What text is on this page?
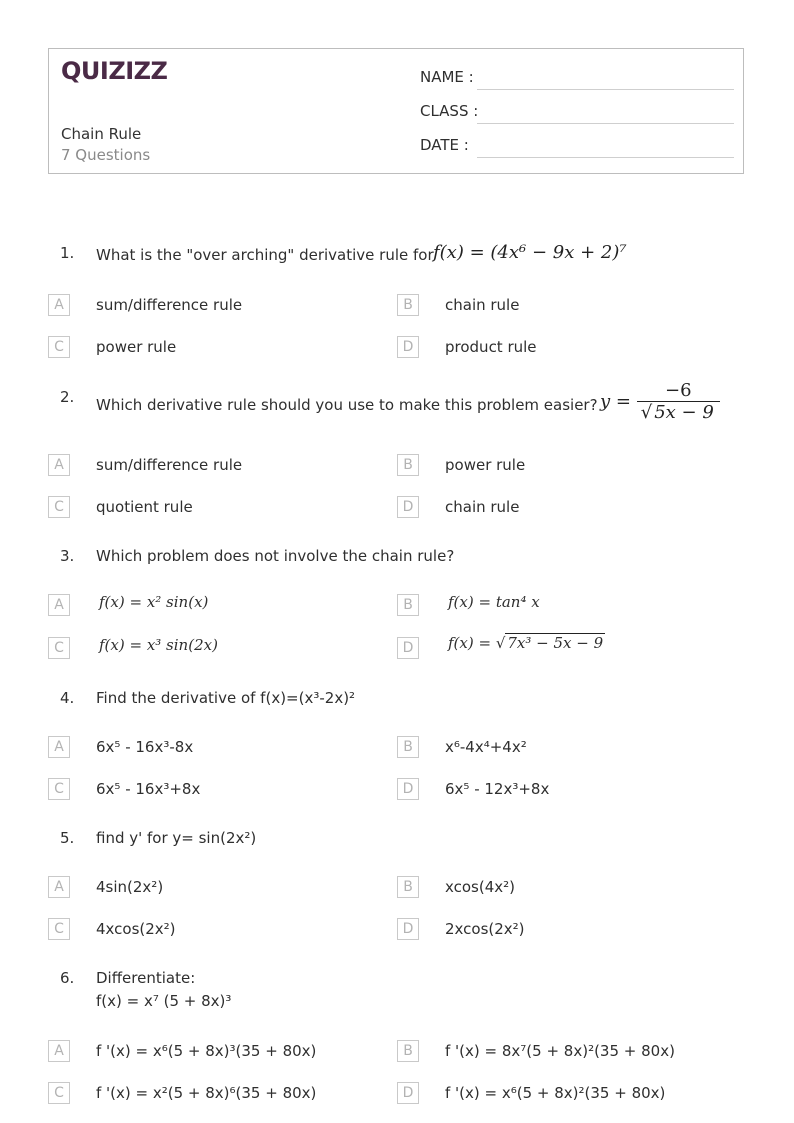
QUIZIZZ
Chain Rule
7 Questions
NAME :
CLASS :
DATE :
1. What is the "over arching" derivative rule for f(x) = (4x⁶ − 9x + 2)⁷
A	sum/difference rule	B	chain rule
C	power rule	D	product rule
2. Which derivative rule should you use to make this problem easier? $y = \frac{-6}{√ 5x - 9}$
A	sum/difference rule	B	power rule
C	quotient rule	D	chain rule
3. Which problem does not involve the chain rule?
A	f(x) = x² sin(x)	B	f(x) = tan⁴ x
C	f(x) = x³ sin(2x)	D	f(x) = √ 7x³ − 5x − 9
4. Find the derivative of f(x)=(x³-2x)²
A	6x⁵ - 16x³-8x	B	x⁶-4x⁴+4x²
C	6x⁵ - 16x³+8x	D	6x⁵ - 12x³+8x
5. find y' for y= sin(2x²)
A	4sin(2x²)	B	xcos(4x²)
C	4xcos(2x²)	D	2xcos(2x²)
6. Differentiate:
f(x) = x⁷ (5 + 8x)³
A	f '(x) = x⁶(5 + 8x)³(35 + 80x)	B	f '(x) = 8x⁷(5 + 8x)²(35 + 80x)
C	f '(x) = x²(5 + 8x)⁶(35 + 80x)	D	f '(x) = x⁶(5 + 8x)²(35 + 80x)
